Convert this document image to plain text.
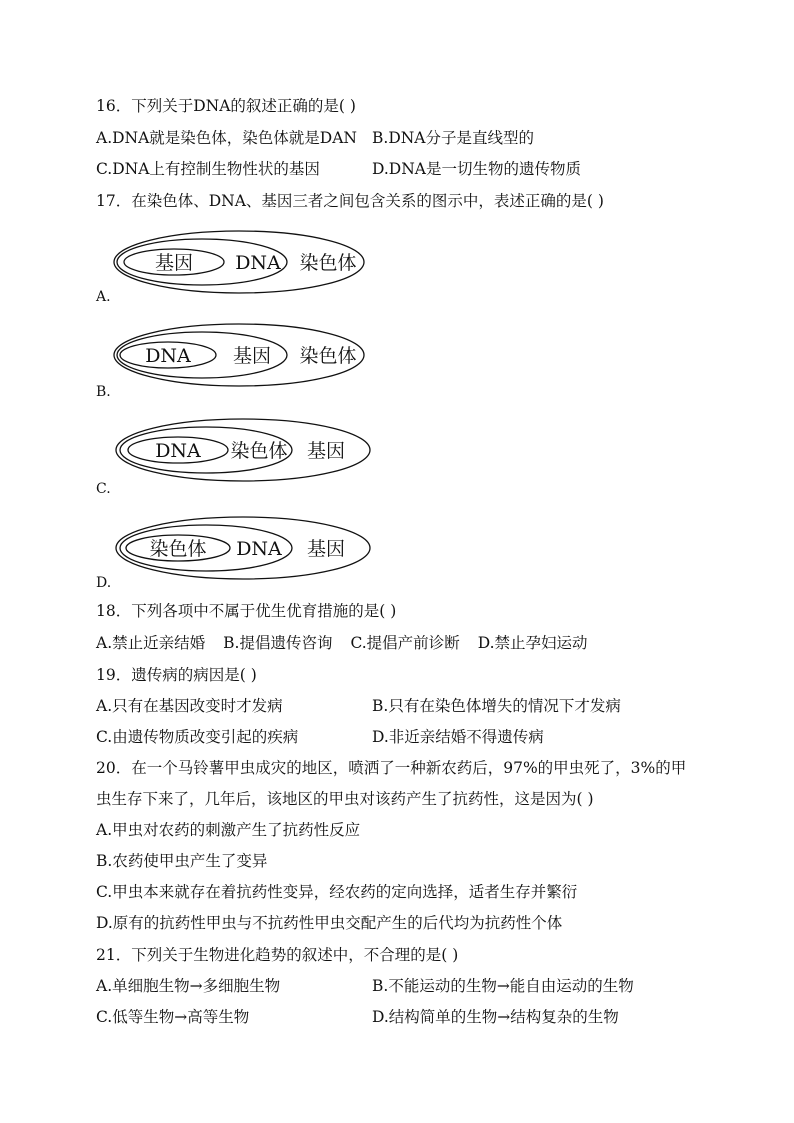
16．下列关于DNA的叙述正确的是( )
A.DNA就是染色体，染色体就是DAN B.DNA分子是直线型的
C.DNA上有控制生物性状的基因	D.DNA是一切生物的遗传物质
17．在染色体、DNA、基因三者之间包含关系的图示中，表述正确的是( )
基因 DNA 染色体
A.
DNA 基因 染色体
B.
DNA 染色体 基因
C.
染色体 DNA 基因
D.
18．下列各项中不属于优生优育措施的是( )
A.禁止近亲结婚 B.提倡遗传咨询 C.提倡产前诊断 D.禁止孕妇运动
19．遗传病的病因是( )
A.只有在基因改变时才发病	B.只有在染色体增失的情况下才发病
C.由遗传物质改变引起的疾病	D.非近亲结婚不得遗传病
20．在一个马铃薯甲虫成灾的地区，喷洒了一种新农药后，97%的甲虫死了，3%的甲
虫生存下来了，几年后，该地区的甲虫对该药产生了抗药性，这是因为( )
A.甲虫对农药的刺激产生了抗药性反应
B.农药使甲虫产生了变异
C.甲虫本来就存在着抗药性变异，经农药的定向选择，适者生存并繁衍
D.原有的抗药性甲虫与不抗药性甲虫交配产生的后代均为抗药性个体
21．下列关于生物进化趋势的叙述中，不合理的是( )
A.单细胞生物→多细胞生物	B.不能运动的生物→能自由运动的生物
C.低等生物→高等生物	D.结构简单的生物→结构复杂的生物
